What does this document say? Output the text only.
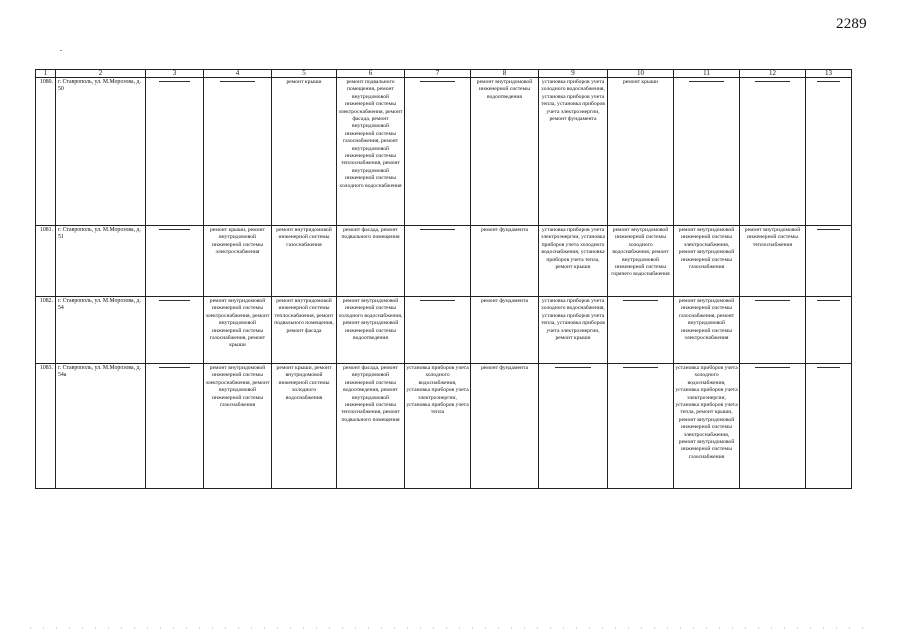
2289
1	2	3	4	5	6	7	8	9	10	11	12	13
1080.	г. Ставрополь, ул. М.Морозова, д. 50			ремонт крыши	ремонт подвального помещения, ремонт внутридомовой инженерной системы электроснабжения, ремонт фасада, ремонт внутридомовой инженерной системы газоснабжения, ремонт внутридомовой инженерной системы теплоснабжения, ремонт внутридомовой инженерной системы холодного водоснабжения		ремонт внутридомовой инженерной системы водоотведения	установка приборов учета холодного водоснабжения, установка приборов учета тепла, установка приборов учета электроэнергии, ремонт фундамента	ремонт крыши	

1081.	г. Ставрополь, ул. М.Морозова, д. 51		ремонт крыши, ремонт внутридомовой инженерной системы электроснабжения	ремонт внутридомовой инженерной системы газоснабжения	ремонт фасада, ремонт подвального помещения		ремонт фундамента	установка приборов учета электроэнергии, установка приборов учета холодного водоснабжения, установка приборов учета тепла, ремонт крыши	ремонт внутридомовой инженерной системы холодного водоснабжения, ремонт внутридомовой инженерной системы горячего водоснабжения	ремонт внутридомовой инженерной системы электроснабжения, ремонт внутридомовой инженерной системы газоснабжения	ремонт внутридомовой инженерной системы теплоснабжения	

1082.	г. Ставрополь, ул. М.Морозова, д. 54		ремонт внутридомовой инженерной системы электроснабжения, ремонт внутридомовой инженерной системы газоснабжения, ремонт крыши	ремонт внутридомовой инженерной системы теплоснабжения, ремонт подвального помещения, ремонт фасада	ремонт внутридомовой инженерной системы холодного водоснабжения, ремонт внутридомовой инженерной системы водоотведения		ремонт фундамента	установка приборов учета холодного водоснабжения, установка приборов учета тепла, установка приборов учета электроэнергии, ремонт крыши		ремонт внутридомовой инженерной системы газоснабжения, ремонт внутридомовой инженерной системы электроснабжения	

1083.	г. Ставрополь, ул. М.Морозова, д. 54а		ремонт внутридомовой инженерной системы электроснабжения, ремонт внутридомовой инженерной системы газоснабжения	ремонт крыши, ремонт внутридомовой инженерной системы холодного водоснабжения	ремонт фасада, ремонт внутридомовой инженерной системы водоотведения, ремонт внутридомовой инженерной системы теплоснабжения, ремонт подвального помещения	установка приборов учета холодного водоснабжения, установка приборов учета электроэнергии, установка приборов учета тепла	ремонт фундамента			установка приборов учета холодного водоснабжения, установка приборов учета электроэнергии, установка приборов учета тепла, ремонт крыши, ремонт внутридомовой инженерной системы электроснабжения, ремонт внутридомовой инженерной системы газоснабжения	
